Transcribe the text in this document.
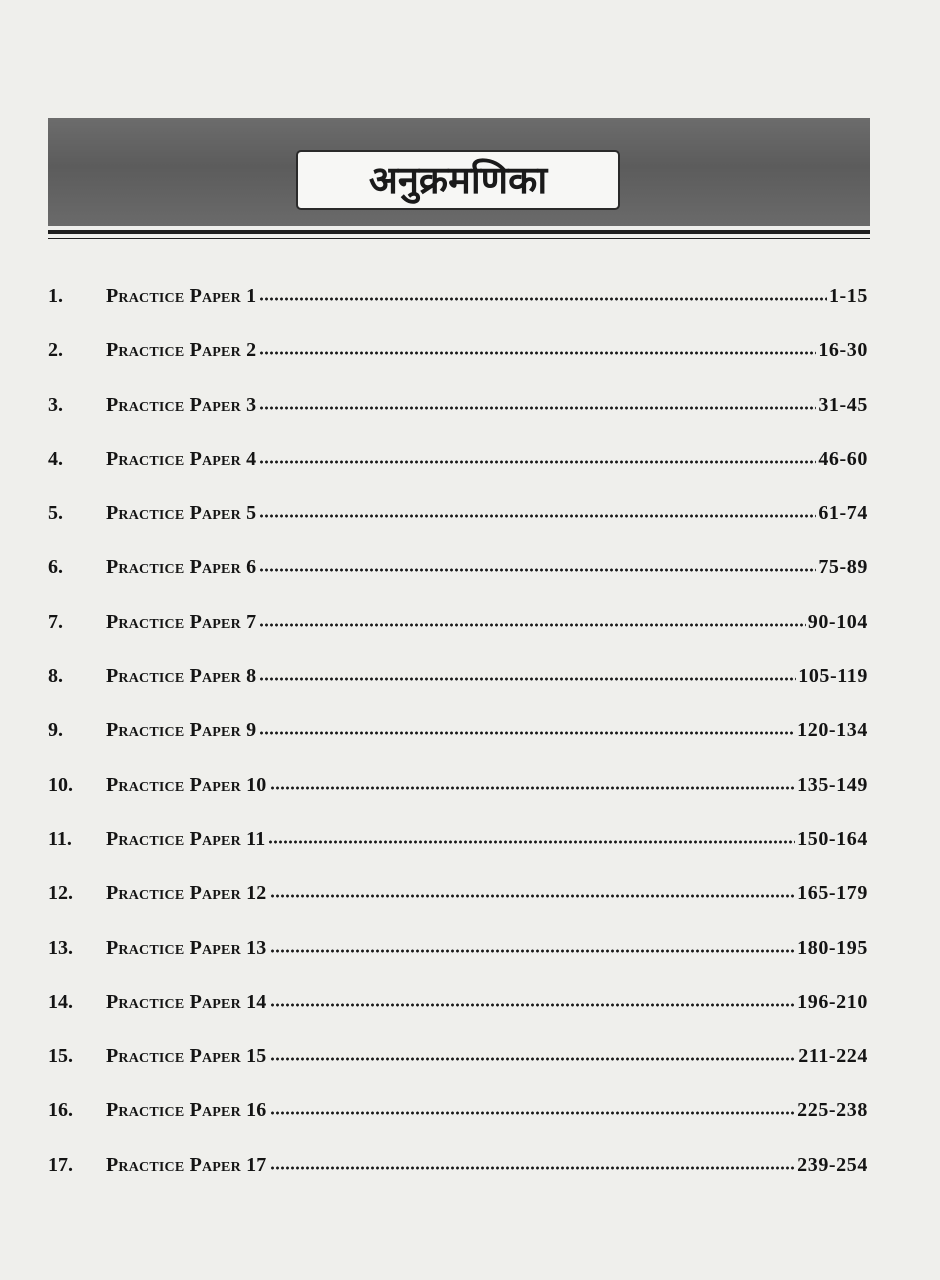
अनुक्रमणिका
1.	Practice Paper 1	1-15
2.	Practice Paper 2	16-30
3.	Practice Paper 3	31-45
4.	Practice Paper 4	46-60
5.	Practice Paper 5	61-74
6.	Practice Paper 6	75-89
7.	Practice Paper 7	90-104
8.	Practice Paper 8	105-119
9.	Practice Paper 9	120-134
10.	Practice Paper 10	135-149
11.	Practice Paper 11	150-164
12.	Practice Paper 12	165-179
13.	Practice Paper 13	180-195
14.	Practice Paper 14	196-210
15.	Practice Paper 15	211-224
16.	Practice Paper 16	225-238
17.	Practice Paper 17	239-254
